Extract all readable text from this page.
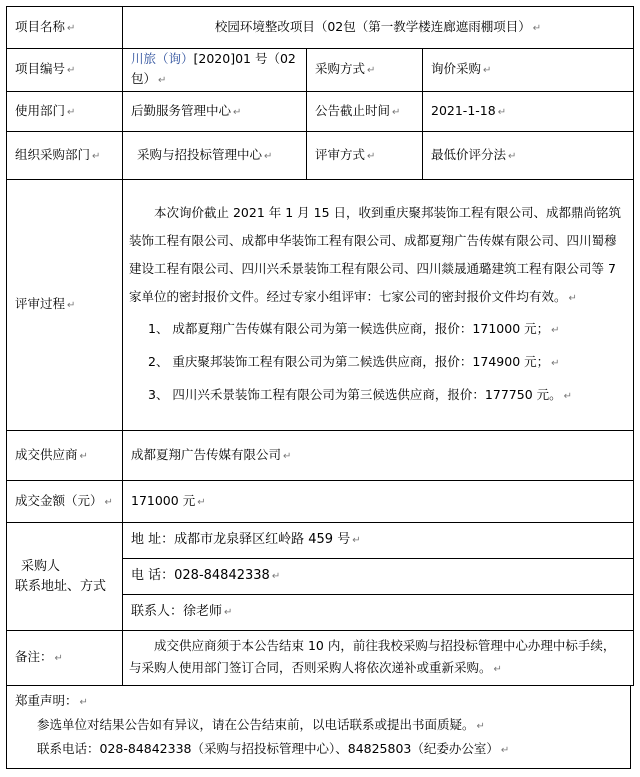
项目名称 ↵	校园环境整改项目（02包（第一教学楼连廊遮雨棚项目） ↵		
项目编号 ↵	川旅（询）[2020]01 号（02包） ↵	采购方式 ↵	询价采购 ↵
使用部门 ↵	后勤服务管理中心 ↵	公告截止时间 ↵	2021-1-18 ↵
组织采购部门 ↵	采购与招投标管理中心 ↵	评审方式 ↵	最低价评分法 ↵
评审过程 ↵	本次询价截止 2021 年 1 月 15 日，收到重庆聚邦装饰工程有限公司、成都鼎尚铭筑装饰工程有限公司、成都申华装饰工程有限公司、成都夏翔广告传媒有限公司、四川蜀穆建设工程有限公司、四川兴禾景装饰工程有限公司、四川燚晟通璐建筑工程有限公司等 7 家单位的密封报价文件。经过专家小组评审：七家公司的密封报价文件均有效。 ↵
1、 成都夏翔广告传媒有限公司为第一候选供应商，报价：171000 元； ↵
2、 重庆聚邦装饰工程有限公司为第二候选供应商，报价：174900 元； ↵
3、 四川兴禾景装饰工程有限公司为第三候选供应商，报价：177750 元。 ↵		

成交供应商 ↵	成都夏翔广告传媒有限公司 ↵		
成交金额（元） ↵	171000 元 ↵		

采购人
联系地址、方式	地 址：成都市龙泉驿区红岭路 459 号 ↵		
	电 话：028-84842338 ↵		
	联系人：徐老师 ↵		
备注： ↵	成交供应商须于本公告结束 10 内，前往我校采购与招投标管理中心办理中标手续，与采购人使用部门签订合同，否则采购人将依次递补或重新采购。 ↵		
郑重声明： ↵
参选单位对结果公告如有异议，请在公告结束前，以电话联系或提出书面质疑。 ↵
联系电话：028-84842338（采购与招投标管理中心）、84825803（纪委办公室） ↵
